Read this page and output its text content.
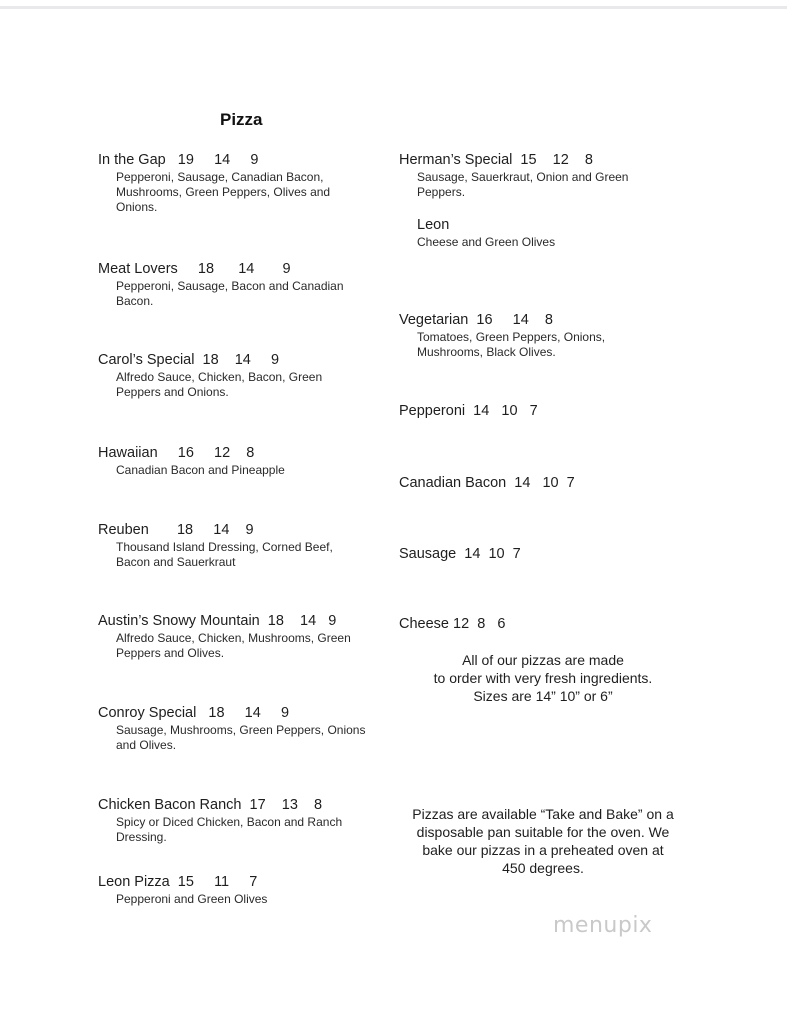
Pizza
In the Gap   19     14     9
Pepperoni, Sausage, Canadian Bacon, Mushrooms, Green Peppers, Olives and Onions.
Meat Lovers     18      14       9
Pepperoni, Sausage, Bacon and Canadian Bacon.
Carol’s Special  18    14     9
Alfredo Sauce, Chicken, Bacon, Green Peppers and Onions.
Hawaiian     16     12    8
Canadian Bacon and Pineapple
Reuben       18     14    9
Thousand Island Dressing, Corned Beef, Bacon and Sauerkraut
Austin’s Snowy Mountain  18    14   9
Alfredo Sauce, Chicken, Mushrooms, Green Peppers and Olives.
Conroy Special   18     14     9
Sausage, Mushrooms, Green Peppers, Onions and Olives.
Chicken Bacon Ranch  17    13    8
Spicy or Diced Chicken, Bacon and Ranch Dressing.
Leon Pizza  15     11     7
Pepperoni and Green Olives
Herman’s Special  15    12    8
Sausage, Sauerkraut, Onion and Green Peppers.
Leon
Cheese and Green Olives
Vegetarian  16     14    8
Tomatoes, Green Peppers, Onions, Mushrooms, Black Olives.
Pepperoni  14   10   7
Canadian Bacon  14   10  7
Sausage  14  10  7
Cheese 12  8   6
All of our pizzas are made
to order with very fresh ingredients.
Sizes are 14” 10” or 6”
Pizzas are available “Take and Bake” on a
disposable pan suitable for the oven. We
bake our pizzas in a preheated oven at
450 degrees.
menupix
